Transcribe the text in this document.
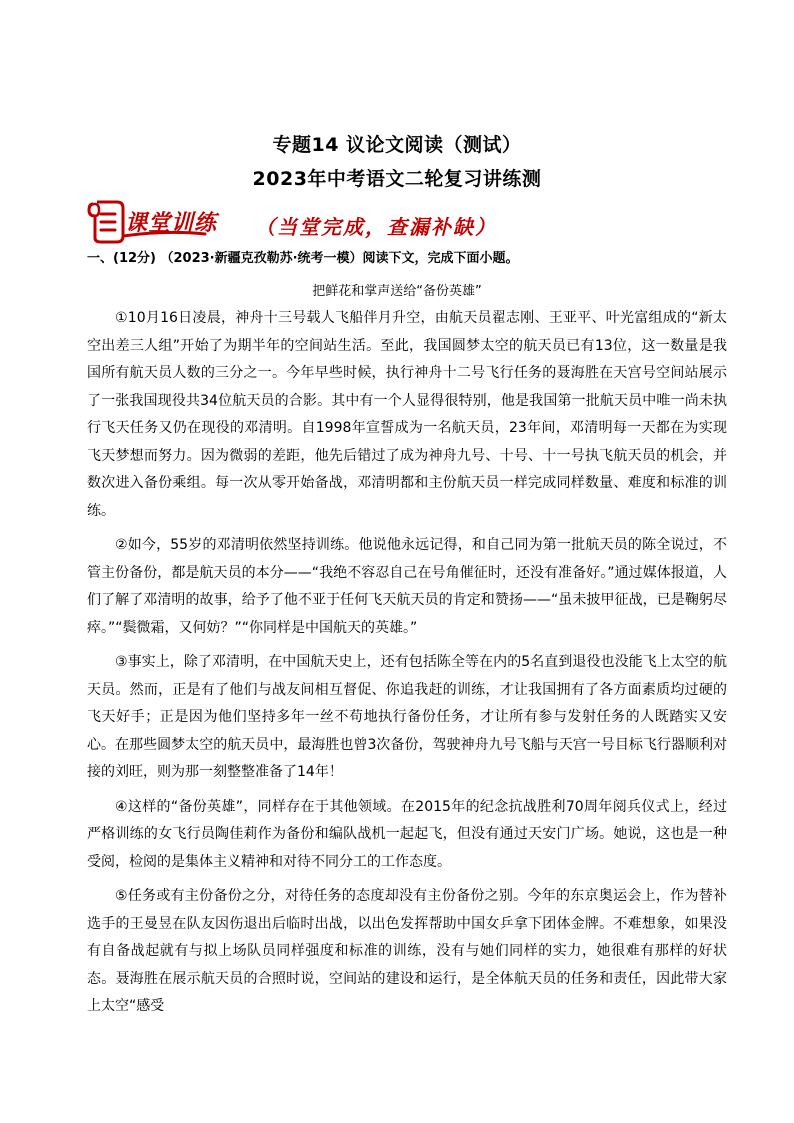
专题14 议论文阅读（测试）
2023年中考语文二轮复习讲练测
课堂训练 （当堂完成，查漏补缺）
一、(12分) （2023·新疆克孜勒苏·统考一模）阅读下文，完成下面小题。
把鲜花和掌声送给“备份英雄”

①10月16日凌晨，神舟十三号载人飞船伴月升空，由航天员翟志刚、王亚平、叶光富组成的“新太空出差三人组”开始了为期半年的空间站生活。至此，我国圆梦太空的航天员已有13位，这一数量是我国所有航天员人数的三分之一。今年早些时候，执行神舟十二号飞行任务的聂海胜在天宫号空间站展示了一张我国现役共34位航天员的合影。其中有一个人显得很特别，他是我国第一批航天员中唯一尚未执行飞天任务又仍在现役的邓清明。自1998年宣誓成为一名航天员，23年间，邓清明每一天都在为实现飞天梦想而努力。因为微弱的差距，他先后错过了成为神舟九号、十号、十一号执飞航天员的机会，并数次进入备份乘组。每一次从零开始备战，邓清明都和主份航天员一样完成同样数量、难度和标准的训练。

②如今，55岁的邓清明依然坚持训练。他说他永远记得，和自己同为第一批航天员的陈全说过，不管主份备份，都是航天员的本分——“我绝不容忍自己在号角催征时，还没有准备好。”通过媒体报道，人们了解了邓清明的故事，给予了他不亚于任何飞天航天员的肯定和赞扬——“虽未披甲征战，已是鞠躬尽瘁。”“鬓微霜，又何妨？”“你同样是中国航天的英雄。”

③事实上，除了邓清明，在中国航天史上，还有包括陈全等在内的5名直到退役也没能飞上太空的航天员。然而，正是有了他们与战友间相互督促、你追我赶的训练，才让我国拥有了各方面素质均过硬的飞天好手；正是因为他们坚持多年一丝不苟地执行备份任务，才让所有参与发射任务的人既踏实又安心。在那些圆梦太空的航天员中，最海胜也曾3次备份，驾驶神舟九号飞船与天宫一号目标飞行器顺利对接的刘旺，则为那一刻整整准备了14年！

④这样的“备份英雄”，同样存在于其他领域。在2015年的纪念抗战胜利70周年阅兵仪式上，经过严格训练的女飞行员陶佳莉作为备份和编队战机一起起飞，但没有通过天安门广场。她说，这也是一种受阅，检阅的是集体主义精神和对待不同分工的工作态度。

⑤任务或有主份备份之分，对待任务的态度却没有主份备份之别。今年的东京奥运会上，作为替补选手的王曼昱在队友因伤退出后临时出战，以出色发挥帮助中国女乒拿下团体金牌。不难想象，如果没有自备战起就有与拟上场队员同样强度和标准的训练，没有与她们同样的实力，她很难有那样的好状态。聂海胜在展示航天员的合照时说，空间站的建设和运行，是全体航天员的任务和责任，因此带大家上太空“感受
